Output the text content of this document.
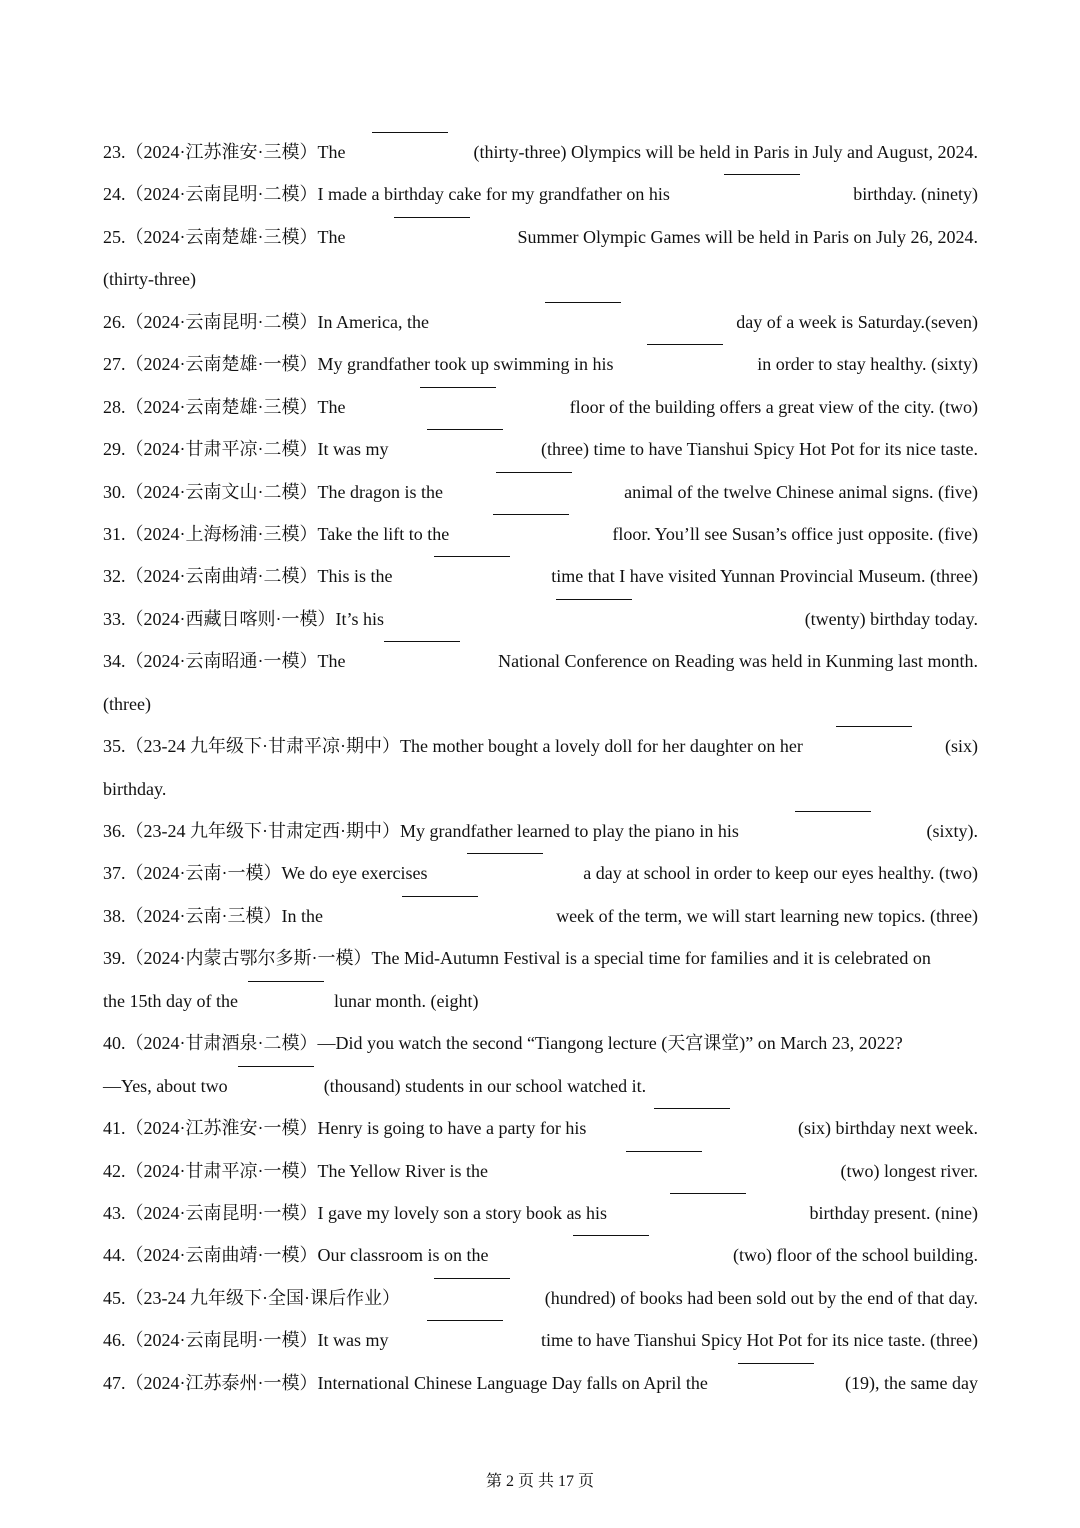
23.（2024·江苏淮安·三模）The	(thirty-three) Olympics will be held in Paris in July and August, 2024.
24.（2024·云南昆明·二模）I made a birthday cake for my grandfather on his	birthday. (ninety)
25.（2024·云南楚雄·三模）The	Summer Olympic Games will be held in Paris on July 26, 2024.
(thirty-three)
26.（2024·云南昆明·二模）In America, the	day of a week is Saturday.(seven)
27.（2024·云南楚雄·一模）My grandfather took up swimming in his	in order to stay healthy. (sixty)
28.（2024·云南楚雄·三模）The	floor of the building offers a great view of the city. (two)
29.（2024·甘肃平凉·二模）It was my	(three) time to have Tianshui Spicy Hot Pot for its nice taste.
30.（2024·云南文山·二模）The dragon is the	animal of the twelve Chinese animal signs. (five)
31.（2024·上海杨浦·三模）Take the lift to the	floor. You’ll see Susan’s office just opposite. (five)
32.（2024·云南曲靖·二模）This is the	time that I have visited Yunnan Provincial Museum. (three)
33.（2024·西藏日喀则·一模）It’s his	(twenty) birthday today.
34.（2024·云南昭通·一模）The	National Conference on Reading was held in Kunming last month.
(three)
35.（23-24 九年级下·甘肃平凉·期中）The mother bought a lovely doll for her daughter on her	(six)
birthday.
36.（23-24 九年级下·甘肃定西·期中）My grandfather learned to play the piano in his	(sixty).
37.（2024·云南·一模）We do eye exercises	a day at school in order to keep our eyes healthy. (two)
38.（2024·云南·三模）In the	week of the term, we will start learning new topics. (three)
39.（2024·内蒙古鄂尔多斯·一模）The Mid-Autumn Festival is a special time for families and it is celebrated on
the 15th day of the	lunar month. (eight)
40.（2024·甘肃酒泉·二模）—Did you watch the second “Tiangong lecture (天宫课堂)” on March 23, 2022?
—Yes, about two	(thousand) students in our school watched it.
41.（2024·江苏淮安·一模）Henry is going to have a party for his	(six) birthday next week.
42.（2024·甘肃平凉·一模）The Yellow River is the	(two) longest river.
43.（2024·云南昆明·一模）I gave my lovely son a story book as his	birthday present. (nine)
44.（2024·云南曲靖·一模）Our classroom is on the	(two) floor of the school building.
45.（23-24 九年级下·全国·课后作业）	(hundred) of books had been sold out by the end of that day.
46.（2024·云南昆明·一模）It was my	time to have Tianshui Spicy Hot Pot for its nice taste. (three)
47.（2024·江苏泰州·一模）International Chinese Language Day falls on April the	(19), the same day
第 2 页 共 17 页
